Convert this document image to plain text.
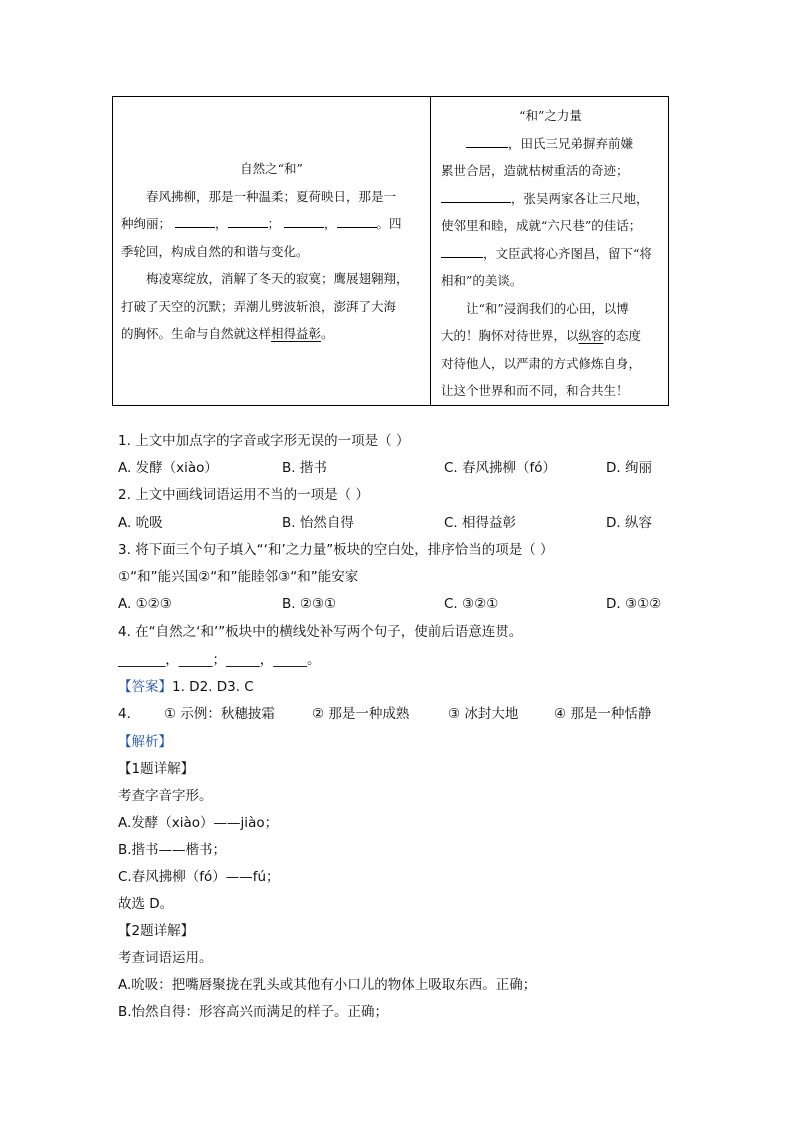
自然之“和”

春风拂柳，那是一种温柔；夏荷映日，那是一

种绚丽；	，	；	，	。四

季轮回，构成自然的和谐与变化。

梅凌寒绽放，消解了冬天的寂寞；鹰展翅翱翔，

打破了天空的沉默；弄潮儿劈波斩浪，澎湃了大海

的胸怀。生命与自然就这样相得益彰。

“和”之力量

，田氏三兄弟摒弃前嫌

累世合居，造就枯树重活的奇迹；

，张吴两家各让三尺地，

使邻里和睦，成就“六尺巷”的佳话；

，文臣武将心齐图昌，留下“将

相和”的美谈。

让“和”浸润我们的心田，以博

大的！胸怀对待世界，以纵容的态度

对待他人，以严肃的方式修炼自身，

让这个世界和而不同，和合共生！

1. 上文中加点字的字音或字形无误的一项是（ ）
A. 发酵（xiào）	B. 揩书	C. 春风拂柳（fó）	D. 绚丽
2. 上文中画线词语运用不当的一项是（ ）
A. 吮吸	B. 怡然自得	C. 相得益彰	D. 纵容
3. 将下面三个句子填入“‘和’之力量”板块的空白处，排序恰当的项是（ ）
①“和”能兴国②“和”能睦邻③“和”能安家
A. ①②③	B. ②③①	C. ③②①	D. ③①②
4. 在“自然之‘和’”板块中的横线处补写两个句子，使前后语意连贯。
_______，_____；_____，_____。
【答案】1. D2. D3. C
4. ① 示例：秋穗披霜	② 那是一种成熟	③ 冰封大地	④ 那是一种恬静
【解析】
【1题详解】
考查字音字形。
A.发酵（xiào）——jiào；
B.揩书——楷书；
C.春风拂柳（fó）——fú；
故选 D。
【2题详解】
考查词语运用。
A.吮吸：把嘴唇聚拢在乳头或其他有小口儿的物体上吸取东西。正确；
B.怡然自得：形容高兴而满足的样子。正确；
